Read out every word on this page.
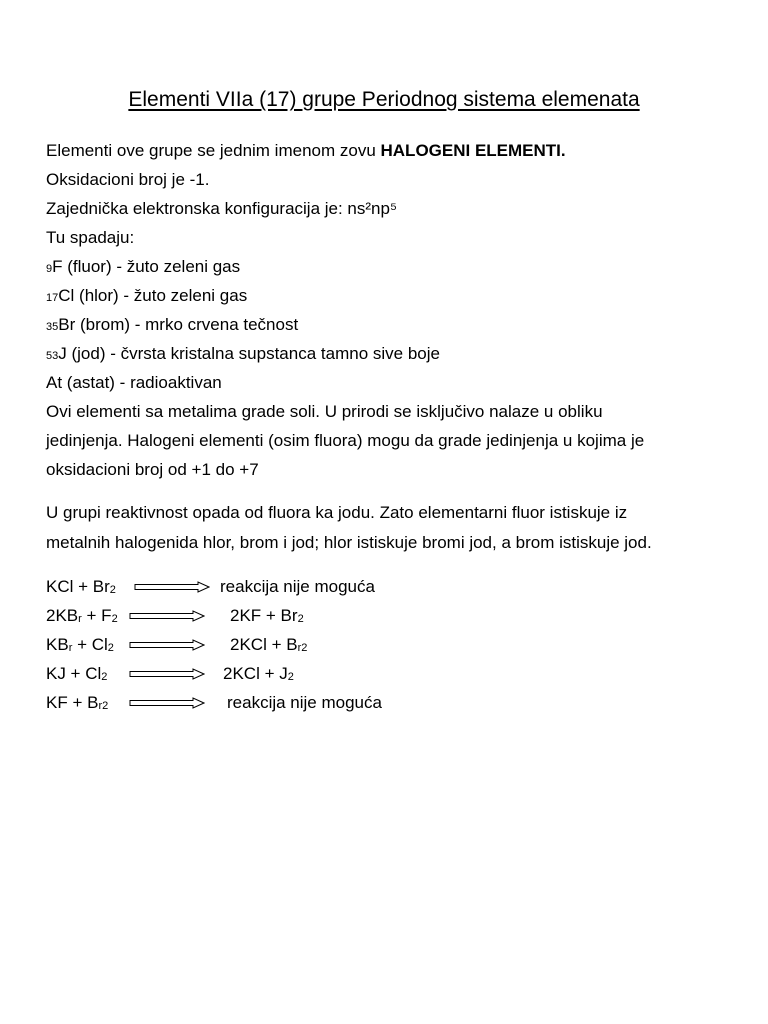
Elementi VIIa (17) grupe Periodnog sistema elemenata
Elementi ove grupe se jednim imenom zovu HALOGENI ELEMENTI.
Oksidacioni broj je -1.
Zajednička elektronska konfiguracija je: ns²np⁵
Tu spadaju:
9F (fluor) - žuto zeleni gas
17Cl (hlor) - žuto zeleni gas
35Br (brom) - mrko crvena tečnost
53J (jod) - čvrsta kristalna supstanca tamno sive boje
At (astat) - radioaktivan
Ovi elementi sa metalima grade soli. U prirodi se isključivo nalaze u obliku
jedinjenja. Halogeni elementi (osim fluora) mogu da grade jedinjenja u kojima je
oksidacioni broj od +1 do +7
U grupi reaktivnost opada od fluora ka jodu. Zato elementarni fluor istiskuje iz
metalnih halogenida hlor, brom i jod; hlor istiskuje bromi jod, a brom istiskuje jod.
KCl + Br2	reakcija nije moguća
2KBr + F2	2KF + Br2
KBr + Cl2	2KCl + Br2
KJ + Cl2	2KCl + J2
KF + Br2	reakcija nije moguća
